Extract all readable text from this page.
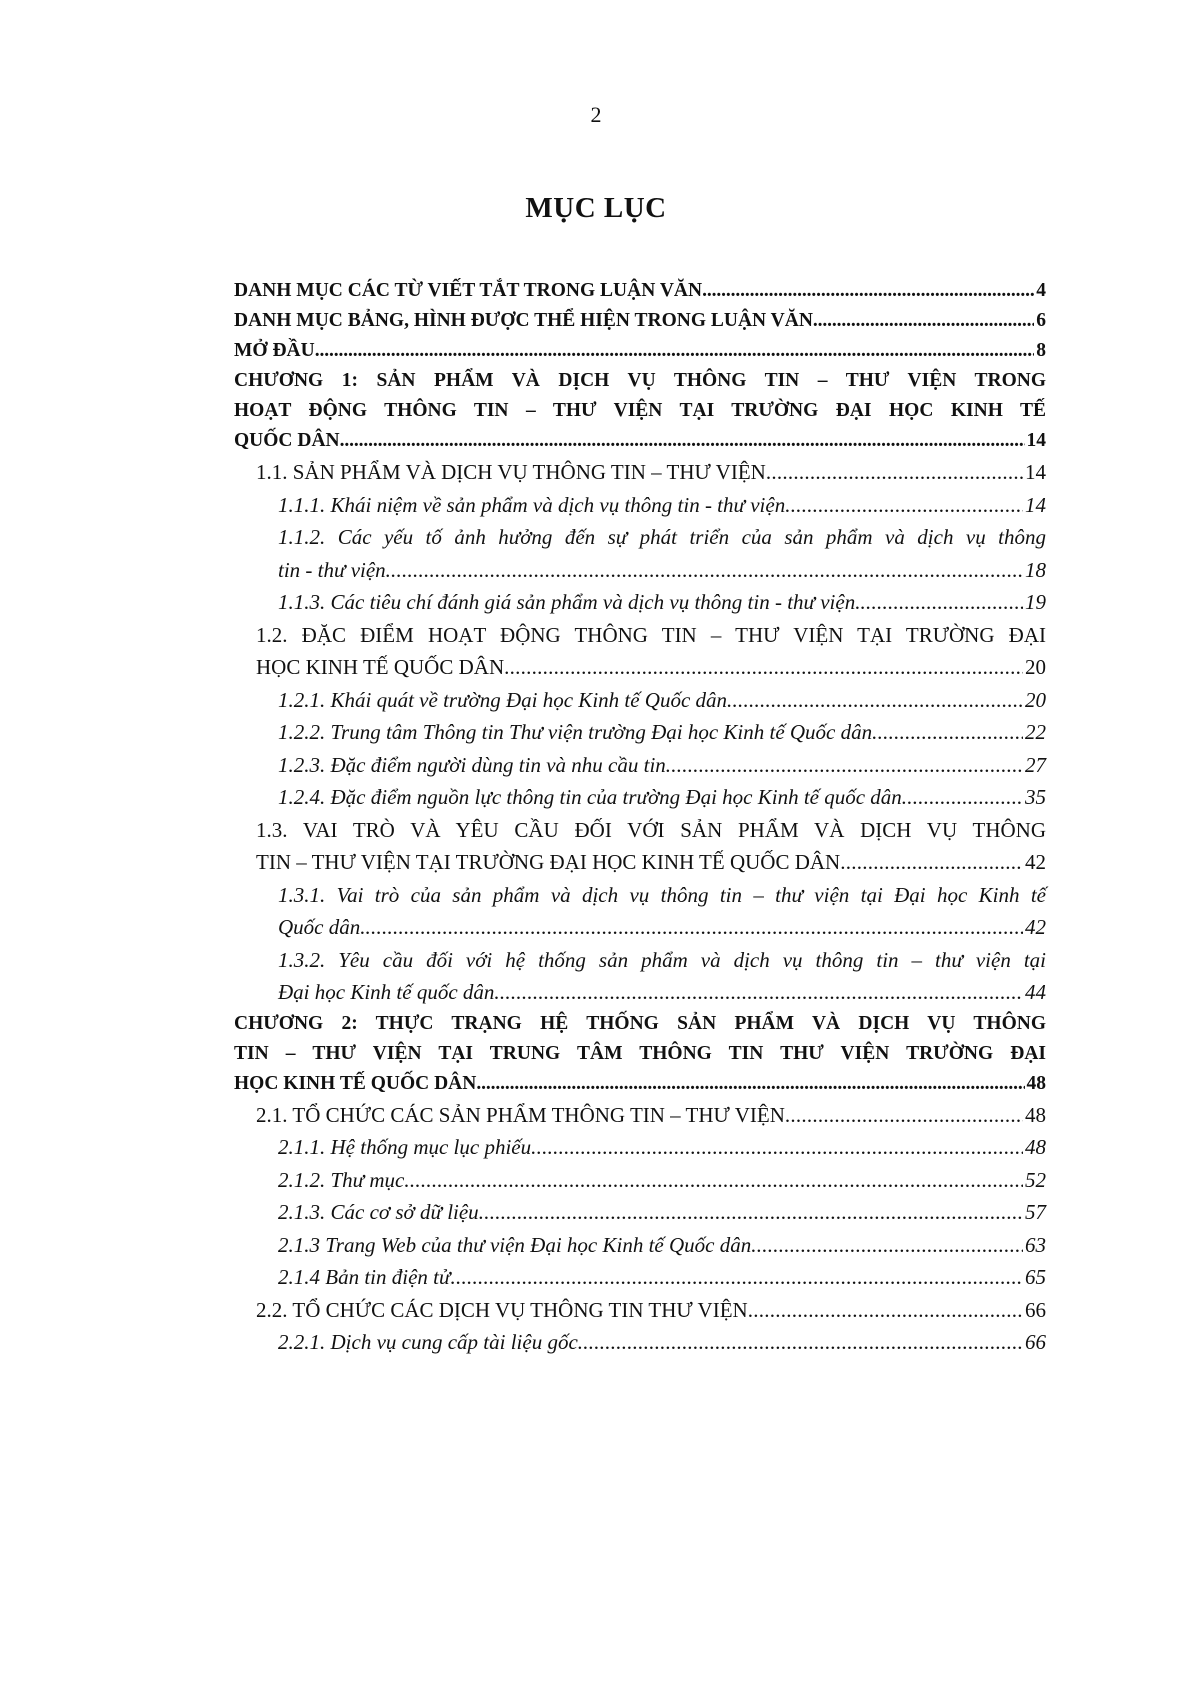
2
MỤC LỤC
DANH MỤC CÁC TỪ VIẾT TẮT TRONG LUẬN VĂN . . .	4
DANH MỤC BẢNG, HÌNH ĐƯỢC THỂ HIỆN TRONG LUẬN VĂN . . .	6
MỞ ĐẦU . . .	8
CHƯƠNG 1: SẢN PHẨM VÀ DỊCH VỤ THÔNG TIN – THƯ VIỆN TRONG
HOẠT ĐỘNG THÔNG TIN – THƯ VIỆN TẠI TRƯỜNG ĐẠI HỌC KINH TẾ
QUỐC DÂN . . .	14
1.1. SẢN PHẨM VÀ DỊCH VỤ THÔNG TIN – THƯ VIỆN . . .	14
1.1.1. Khái niệm về sản phẩm và dịch vụ thông tin - thư viện . . .	14
1.1.2. Các yếu tố ảnh hưởng đến sự phát triển của sản phẩm và dịch vụ thông
tin - thư viện. . . .	18
1.1.3. Các tiêu chí đánh giá sản phẩm và dịch vụ thông tin - thư viện. . . .	19
1.2. ĐẶC ĐIỂM HOẠT ĐỘNG THÔNG TIN – THƯ VIỆN TẠI TRƯỜNG ĐẠI
HỌC KINH TẾ QUỐC DÂN . . .	20
1.2.1. Khái quát về trường Đại học Kinh tế Quốc dân . . .	20
1.2.2. Trung tâm Thông tin Thư viện trường Đại học Kinh tế Quốc dân . . .	22
1.2.3. Đặc điểm người dùng tin và nhu cầu tin . . .	27
1.2.4. Đặc điểm nguồn lực thông tin của trường Đại học Kinh tế quốc dân . . .	35
1.3. VAI TRÒ VÀ YÊU CẦU ĐỐI VỚI SẢN PHẨM VÀ DỊCH VỤ THÔNG
TIN – THƯ VIỆN TẠI TRƯỜNG ĐẠI HỌC KINH TẾ QUỐC DÂN . . .	42
1.3.1. Vai trò của sản phẩm và dịch vụ thông tin – thư viện tại Đại học Kinh tế
Quốc dân. . . .	42
1.3.2. Yêu cầu đối với hệ thống sản phẩm và dịch vụ thông tin – thư viện tại
Đại học Kinh tế quốc dân . . .	44
CHƯƠNG 2: THỰC TRẠNG HỆ THỐNG SẢN PHẨM VÀ DỊCH VỤ THÔNG
TIN – THƯ VIỆN TẠI TRUNG TÂM THÔNG TIN THƯ VIỆN TRƯỜNG ĐẠI
HỌC KINH TẾ QUỐC DÂN . . .	48
2.1. TỔ CHỨC CÁC SẢN PHẨM THÔNG TIN – THƯ VIỆN . . .	48
2.1.1. Hệ thống mục lục phiếu . . .	48
2.1.2. Thư mục . . .	52
2.1.3. Các cơ sở dữ liệu . . .	57
2.1.3 Trang Web của thư viện Đại học Kinh tế Quốc dân . . .	63
2.1.4 Bản tin điện tử . . .	65
2.2. TỔ CHỨC CÁC DỊCH VỤ THÔNG TIN THƯ VIỆN . . .	66
2.2.1. Dịch vụ cung cấp tài liệu gốc . . .	66
